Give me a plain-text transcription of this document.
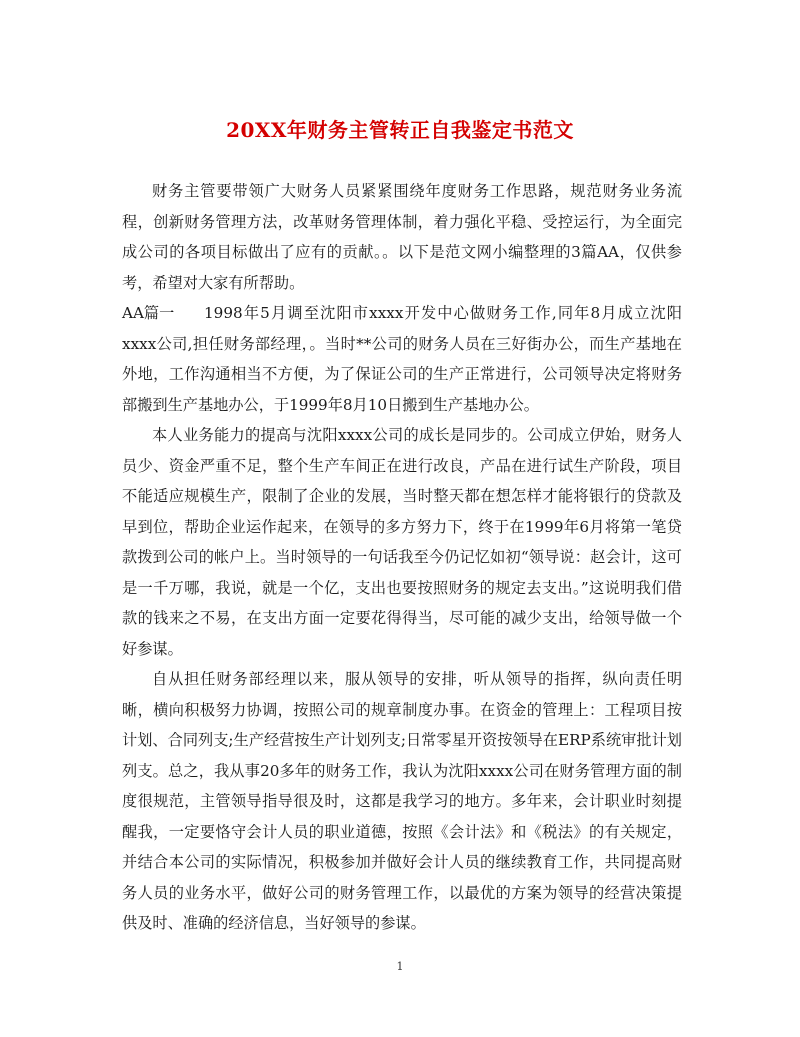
20XX年财务主管转正自我鉴定书范文

财务主管要带领广大财务人员紧紧围绕年度财务工作思路，规范财务业务流程，创新财务管理方法，改革财务管理体制，着力强化平稳、受控运行，为全面完成公司的各项目标做出了应有的贡献。。以下是范文网小编整理的3篇AA，仅供参考，希望对大家有所帮助。

AA篇一 1998年5月调至沈阳市xxxx开发中心做财务工作,同年8月成立沈阳xxxx公司,担任财务部经理，。当时**公司的财务人员在三好街办公，而生产基地在外地，工作沟通相当不方便，为了保证公司的生产正常进行，公司领导决定将财务部搬到生产基地办公，于1999年8月10日搬到生产基地办公。

本人业务能力的提高与沈阳xxxx公司的成长是同步的。公司成立伊始，财务人员少、资金严重不足，整个生产车间正在进行改良，产品在进行试生产阶段，项目不能适应规模生产，限制了企业的发展，当时整天都在想怎样才能将银行的贷款及早到位，帮助企业运作起来，在领导的多方努力下，终于在1999年6月将第一笔贷款拨到公司的帐户上。当时领导的一句话我至今仍记忆如初“领导说：赵会计，这可是一千万哪，我说，就是一个亿，支出也要按照财务的规定去支出。”这说明我们借款的钱来之不易，在支出方面一定要花得得当，尽可能的减少支出，给领导做一个好参谋。

自从担任财务部经理以来，服从领导的安排，听从领导的指挥，纵向责任明晰，横向积极努力协调，按照公司的规章制度办事。在资金的管理上：工程项目按计划、合同列支;生产经营按生产计划列支;日常零星开资按领导在ERP系统审批计划列支。总之，我从事20多年的财务工作，我认为沈阳xxxx公司在财务管理方面的制度很规范，主管领导指导很及时，这都是我学习的地方。多年来，会计职业时刻提醒我，一定要恪守会计人员的职业道德，按照《会计法》和《税法》的有关规定，并结合本公司的实际情况，积极参加并做好会计人员的继续教育工作，共同提高财务人员的业务水平，做好公司的财务管理工作，以最优的方案为领导的经营决策提供及时、准确的经济信息，当好领导的参谋。

1
